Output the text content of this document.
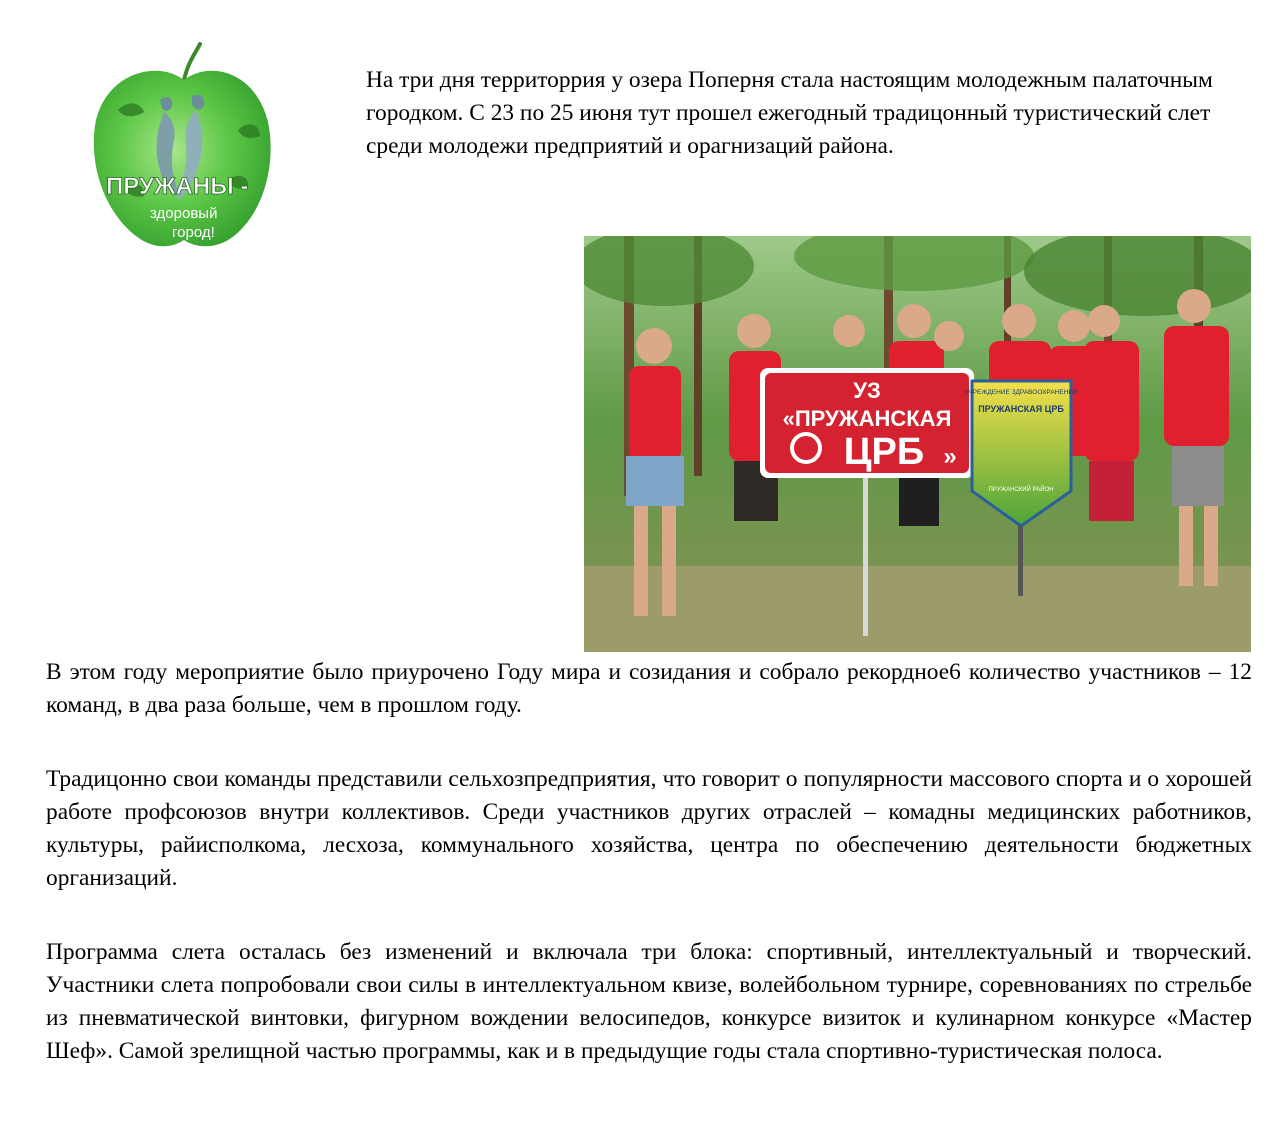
ПРУЖАНЫ -
здоровый
город!

На три дня территоррия у озера Поперня стала настоящим молодежным палаточным городком. С 23 по 25 июня тут прошел ежегодный традицонный туристический слет среди молодежи предприятий и орагнизаций района.

УЗ
«ПРУЖАНСКАЯ
ЦРБ »
УЧРЕЖДЕНИЕ ЗДРАВООХРАНЕНИЯ
ПРУЖАНСКАЯ ЦРБ
ПРУЖАНСКИЙ РАЙОН

В этом году мероприятие было приурочено Году мира и созидания и собрало рекордное6 количество участников – 12 команд, в два раза больше, чем в прошлом году.

Традицонно свои команды представили сельхозпредприятия, что говорит о популярности массового спорта и о хорошей работе профсоюзов внутри коллективов. Среди участников других отраслей – комадны медицинских работников, культуры, райисполкома, лесхоза, коммунального хозяйства, центра по обеспечению деятельности бюджетных организаций.

Программа слета осталась без изменений и включала три блока: спортивный, интеллектуальный и творческий. Участники слета попробовали свои силы в интеллектуальном квизе, волейбольном турнире, соревнованиях по стрельбе из пневматической винтовки, фигурном вождении велосипедов, конкурсе визиток и кулинарном конкурсе «Мастер Шеф». Самой зрелищной частью программы, как и в предыдущие годы стала спортивно-туристическая полоса.
